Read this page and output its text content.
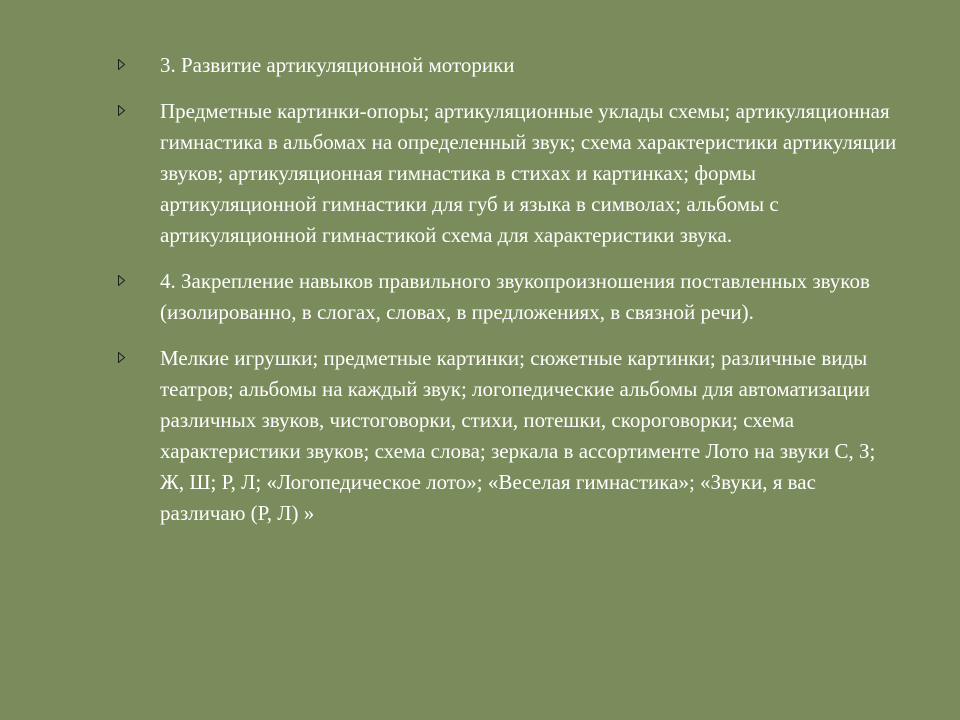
3. Развитие артикуляционной моторики
Предметные картинки-опоры; артикуляционные уклады схемы; артикуляционная гимнастика в альбомах на определенный звук; схема характеристики артикуляции звуков; артикуляционная гимнастика в стихах и картинках; формы артикуляционной гимнастики для губ и языка в символах; альбомы с артикуляционной гимнастикой схема для характеристики звука.
4. Закрепление навыков правильного звукопроизношения поставленных звуков (изолированно, в слогах, словах, в предложениях, в связной речи).
Мелкие игрушки; предметные картинки; сюжетные картинки; различные виды театров; альбомы на каждый звук; логопедические альбомы для автоматизации различных звуков, чистоговорки, стихи, потешки, скороговорки; схема характеристики звуков; схема слова; зеркала в ассортименте Лото на звуки С, З; Ж, Ш; Р, Л; «Логопедическое лото»; «Веселая гимнастика»; «Звуки, я вас различаю (Р, Л) »
